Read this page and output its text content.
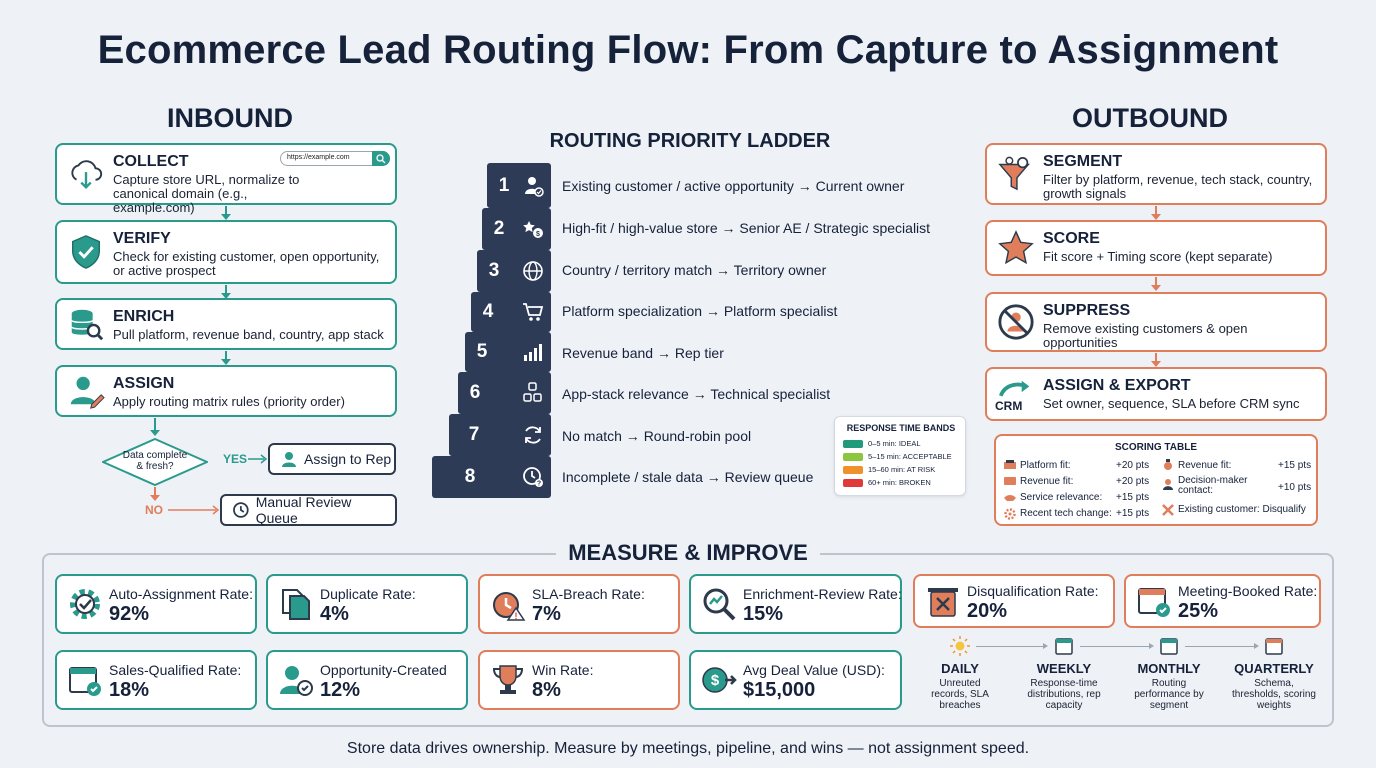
Ecommerce Lead Routing Flow: From Capture to Assignment
INBOUND
COLLECT
Capture store URL, normalize to canonical domain (e.g., example.com)
https://example.com
VERIFY
Check for existing customer, open opportunity, or active prospect
ENRICH
Pull platform, revenue band, country, app stack
ASSIGN
Apply routing matrix rules (priority order)
Data complete & fresh?
YES	Assign to Rep
NO	Manual Review Queue
ROUTING PRIORITY LADDER
1
2	$
3
4
5
6
7
8	?
Existing customer / active opportunity → Current owner
High-fit / high-value store → Senior AE / Strategic specialist
Country / territory match → Territory owner
Platform specialization → Platform specialist
Revenue band → Rep tier
App-stack relevance → Technical specialist
No match → Round-robin pool
Incomplete / stale data → Review queue
RESPONSE TIME BANDS
0–5 min: IDEAL
5–15 min: ACCEPTABLE
15–60 min: AT RISK
60+ min: BROKEN
OUTBOUND
SEGMENT
Filter by platform, revenue, tech stack, country, growth signals
SCORE
Fit score + Timing score (kept separate)
SUPPRESS
Remove existing customers & open opportunities
CRM
ASSIGN & EXPORT
Set owner, sequence, SLA before CRM sync
SCORING TABLE
Platform fit:	+20 pts
Revenue fit:	+20 pts
Service relevance: +15 pts
Recent tech change: +15 pts
Revenue fit:	+15 pts
Decision-maker contact:	+10 pts
Existing customer: Disqualify
MEASURE & IMPROVE
Auto-Assignment Rate:
92%
Duplicate Rate:
4%	!
SLA-Breach Rate:
7%
Enrichment-Review Rate:
15%
Disqualification Rate:
20%
Meeting-Booked Rate:
25%
Sales-Qualified Rate:
18%
Opportunity-Created
12%
Win Rate:
8%	$
Avg Deal Value (USD):
$15,000
DAILY
Unreuted records, SLA breaches
WEEKLY
Response-time distributions, rep capacity
MONTHLY
Routing performance by segment
QUARTERLY
Schema, thresholds, scoring weights
Store data drives ownership. Measure by meetings, pipeline, and wins — not assignment speed.
